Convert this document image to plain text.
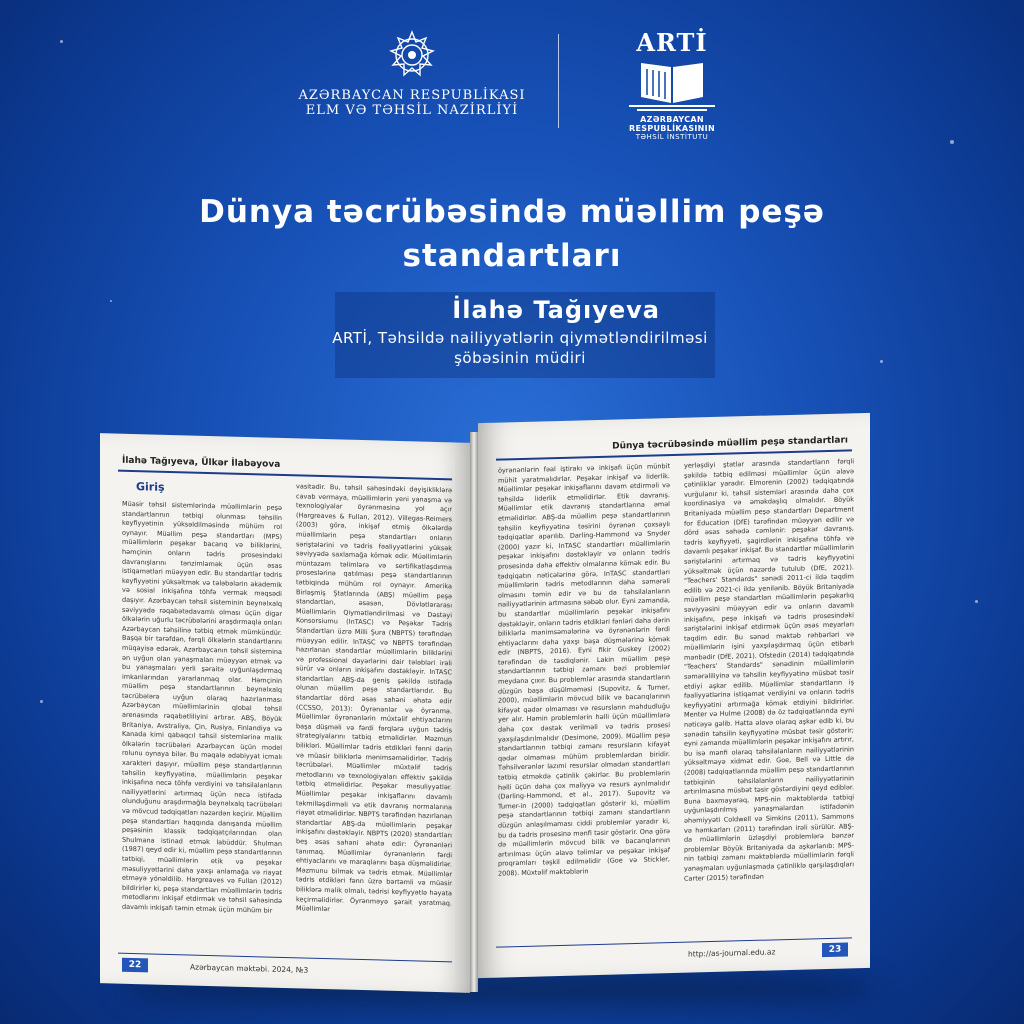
AZƏRBAYCAN RESPUBLİKASI
ELM VƏ TƏHSİL NAZİRLİYİ
ARTİ
AZƏRBAYCAN RESPUBLİKASININ
TƏHSİL İNSTİTUTU
Dünya təcrübəsində müəllim peşə standartları
İlahə Tağıyeva
ARTİ, Təhsildə nailiyyətlərin qiymətləndirilməsi şöbəsinin müdiri
İlahə Tağıyeva, Ülkər İlabəyova
Giriş
Müasir təhsil sistemlərində müəllimlərin peşə standartlarının tətbiqi olunması təhsilin keyfiyyətinin yüksəldilməsində mühüm rol oynayır. Müəllim peşə standartları (MPS) müəllimlərin peşəkar bacarıq və biliklərini, həmçinin onların tədris prosesindəki davranışlarını tənzimləmək üçün əsas istiqamətləri müəyyən edir. Bu standartlar tədris keyfiyyətini yüksəltmək və tələbələrin akademik və sosial inkişafına töhfə vermək məqsədi daşıyır. Azərbaycan təhsil sisteminin beynəlxalq səviyyədə rəqabətədavamlı olması üçün digər ölkələrin uğurlu təcrübələrini araşdırmaqla onları Azərbaycan təhsilinə tətbiq etmək mümkündür. Başqa bir tərəfdən, fərqli ölkələrin standartlarını müqayisə edərək, Azərbaycanın təhsil sistemina ən uyğun olan yanaşmaları müəyyən etmək və bu yanaşmaları yerli şəraitə uyğunlaşdırmaq imkanlarından yararlanmaq olar. Həmçinin müəllim peşə standartlarının beynəlxalq təcrübələrə uyğun olaraq hazırlanması Azərbaycan müəllimlərinin qlobal təhsil arenasında rəqabətliliyini artırar. ABŞ, Böyük Britaniya, Avstraliya, Çin, Rusiya, Finlandiya və Kanada kimi qabaqcıl təhsil sistemlərinə malik ölkələrin təcrübələri Azərbaycan üçün model rolunu oynaya bilər. Bu məqalə ədəbiyyat icmalı xarakteri daşıyır, müəllim peşə standartlarının təhsilin keyfiyyətinə, müəllimlərin peşəkar inkişafına necə töhfə verdiyini və təhsilalanların nailiyyətlərini artırmaq üçün necə istifadə olunduğunu araşdırmağla beynəlxalq təcrübələri və mövcud tədqiqatları nəzərdən keçirir. Müəllim peşə standartları haqqında danışanda müəllim peşəsinin klassik tədqiqatçılarından olan Shulmana istinad etmək labüddür. Shulman (1987) qeyd edir ki, müəllim peşə standartlarının tətbiqi, müəllimlərin etik və peşəkar məsuliyyətlərini daha yaxşı anlamağa və riayət etməyə yönəldilib. Hargreaves və Fullan (2012) bildirirlər ki, peşə standartları müəllimlərin tədris metodlarını inkişaf etdirmək və təhsil sahəsində davamlı inkişafı təmin etmək üçün mühüm bir
vasitədir. Bu, təhsil sahəsindəki dəyişikliklərə cavab vermaya, müəllimlərin yeni yanaşma və texnologiyalar öyrənməsinə yol açır (Hargreaves & Fullan, 2012). Villegas-Reimers (2003) görə, inkişaf etmiş ölkələrdə müəllimlərin peşə standartları onların səriştələrini və tədris fəaliyyətlərini yüksək səviyyədə saxlamağa kömək edir. Müəllimlərin müntəzəm təlimlərə və sertifikatlaşdırma proseslərinə qatılması peşə standartlarının tətbiqində mühüm rol oynayır. Amerika Birləşmiş Ştatlarında (ABŞ) müəllim peşə standartları, əsasən, Dövlətlərarası Müəllimlərin Qiymətləndirilməsi və Dəstəyi Konsorsiumu (InTASC) və Peşəkar Tədris Standartları üzrə Milli Şura (NBPTS) tərəfindən müəyyən edilir. InTASC və NBPTS tərəfindən hazırlanan standartlar müəllimlərin biliklərini və professional dəyərlərini dair tələbləri irəli sürür və onların inkişafını dəstəkləyir. InTASC standartları ABŞ-da geniş şəkildə istifadə olunan müəllim peşə standartlarıdır. Bu standartlar dörd əsas sahəni əhatə edir (CCSSO, 2013): Öyrənənlər və öyrənmə. Müəllimlər öyrənənlərin müxtəlif ehtiyaclarını başa düşməli və fərdi fərqlərə uyğun tədris strategiyalarını tətbiq etməlidirlər. Məzmun bilikləri. Müəllimlər tədris etdikləri fənni dərin və müasir biliklərlə mənimsəməlidirlər. Tədris təcrübələri. Müəllimlər müxtəlif tədris metodlarını və texnologiyaları effektiv şəkildə tətbiq etməlidirlər. Peşəkar məsuliyyətlər. Müəllimlər peşəkar inkişaflarını davamlı təkmilləşdirməli və etik davranış normalarına riayət etməlidirlər. NBPTS tərəfindən hazırlanan standartlar ABŞ-da müəllimlərin peşəkar inkişafını dəstəkləyir. NBPTS (2020) standartları beş əsas sahəni əhatə edir: Öyrənənləri tanımaq. Müəllimlər öyrənənlərin fərdi ehtiyaclarını və maraqlarını başa düşməlidirlər. Məzmunu bilmək və tədris etmək. Müəllimlər tədris etdikləri fənn üzrə bərtəmli və müasir biliklərə malik olmalı, tədrisi keyfiyyətlə həyata keçirməlidirlər. Öyrənməyə şərait yaratmaq. Müəllimlər
22	Azərbaycan məktəbi. 2024, №3
Dünya təcrübəsində müəllim peşə standartları
öyrənənlərin fəal iştirakı və inkişafı üçün münbit mühit yaratmalıdırlar. Peşəkar inkişaf və liderlik. Müəllimlər peşəkar inkişaflarını davam etdirməli və təhsildə liderlik etməlidirlər. Etik davranış. Müəllimlər etik davranış standartlarına əməl etməlidirlər. ABŞ-da müəllim peşə standartlarının təhsilin keyfiyyətinə təsirini öyrənən çoxsaylı tədqiqatlar aparılıb. Darling-Hammond və Snyder (2000) yazır ki, InTASC standartları müəllimlərin peşəkar inkişafını dəstəkləyir və onların tədris prosesində daha effektiv olmalarına kömək edir. Bu tədqiqatın nəticələrinə görə, InTASC standartları müəllimlərin tədris metodlarının daha səmərəli olmasını təmin edir və bu da təhsilalanların nailiyyətlərinin artmasına səbəb olur. Eyni zamanda, bu standartlar müəllimlərin peşəkar inkişafını dəstəkləyir, onların tədris etdikləri fənləri daha dərin biliklərlə mənimsəmələrinə və öyrənənlərin fərdi ehtiyaclarını daha yaxşı başa düşmələrinə kömək edir (NBPTS, 2016). Eyni fikir Guskey (2002) tərəfindən də təsdiqlənir. Lakin müəllim peşə standartlarının tətbiqi zamanı bəzi problemlər meydana çıxır. Bu problemlər arasında standartların düzgün başa düşülməməsi (Supovitz, & Turner, 2000), müəllimlərin mövcud bilik və bacarıqlarının kifayət qədər olmaması və resursların məhdudluğu yer alır. Həmin problemlərin həlli üçün müəllimlərə daha çox dəstək verilməli və tədris prosesi yaxşılaşdırılmalıdır (Desimone, 2009). Müəllim peşə standartlarının tətbiqi zamanı resursların kifayət qədər olmaması mühüm problemlərdən biridir. Təhsilverənlər lazımi resurslar olmadan standartları tətbiq etməkdə çətinlik çəkirlər. Bu problemlərin həlli üçün daha çox maliyyə və resurs ayrılmalıdır (Darling-Hammond, et al., 2017). Supovitz və Turner-in (2000) tədqiqatları göstərir ki, müəllim peşə standartlarının tətbiqi zamanı standartların düzgün anlaşılmaması ciddi problemlər yaradır ki, bu da tədris prosesinə mənfi təsir göstərir. Ona görə də müəllimlərin mövcud bilik və bacarıqlarının artırılması üçün əlavə təlimlər və peşəkar inkişaf proqramları təşkil edilməlidir (Goe və Stickler, 2008). Müxtəlif məktəblərin
yerləşdiyi ştatlar arasında standartların fərqli şəkildə tətbiq edilməsi müəllimlər üçün əlavə çətinliklər yaradır. Elmorenin (2002) tədqiqatında vurğulanır ki, təhsil sistemləri arasında daha çox koordinasiya və əməkdaşlıq olmalıdır. Böyük Britaniyada müəllim peşə standartları Department for Education (DfE) tərəfindən müəyyən edilir və dörd əsas sahədə cəmlənir: peşəkar davranış, tədris keyfiyyəti, şagirdlərin inkişafına töhfə və davamlı peşəkar inkişaf. Bu standartlar müəllimlərin səriştələrini artırmaq və tədris keyfiyyətini yüksəltmək üçün nəzərdə tutulub (DfE, 2021). "Teachers' Standards" sənədi 2011-ci ildə təqdim edilib və 2021-ci ildə yenilənib. Böyük Britaniyada müəllim peşə standartları müəllimlərin peşəkarlıq səviyyəsini müəyyən edir və onların davamlı inkişafını, peşə inkişafı və tədris prosesindəki səriştələrini inkişaf etdirmək üçün əsas meyarları təqdim edir. Bu sənəd məktəb rəhbərləri və müəllimlərin işini yaxşılaşdırmaq üçün etibarlı mənbədir (DfE, 2021). Ofstedin (2014) tədqiqatında "Teachers' Standards" sənədinin müəllimlərin səmərəliliyinə və təhsilin keyfiyyətinə müsbət təsir etdiyi aşkar edilib. Müəllimlər standartların iş fəaliyyətlərinə istiqamət verdiyini və onların tədris keyfiyyətini artırmağa kömək etdiyini bildirirlər. Menter və Hulme (2008) də öz tədqiqatlarında eyni nəticəyə gəlib. Hatta əlavə olaraq aşkar edib ki, bu sənədin təhsilin keyfiyyətinə müsbət təsir göstərir; eyni zamanda müəllimlərin peşəkar inkişafını artırır, bu isə mənfi olaraq təhsilalanların nailiyyətlərinin yüksəltməyə xidmət edir. Goe, Bell və Little də (2008) tədqiqatlarında müəllim peşə standartlarının tətbiqinin təhsilalanların nailiyyətlərinin artırılmasına müsbət təsir göstərdiyini qeyd ediblər. Buna baxmayaraq, MPS-nin məktəblərdə tətbiqi uyğunlaşdırılmış yanaşmalardan istifadənin əhəmiyyəti Coldwell və Simkins (2011), Sammons və həmkarları (2011) tərəfindən irəli sürülür. ABŞ-da müəllimlərin üzləşdiyi problemlərə bənzər problemlər Böyük Britaniyada da aşkarlanıb: MPS-nin tətbiqi zamanı məktəblərdə müəllimlərin fərqli yanaşmaları uyğunlaşmada çətinliklə qarşılaşdıqları Carter (2015) tərəfindən
http://as-journal.edu.az	23
